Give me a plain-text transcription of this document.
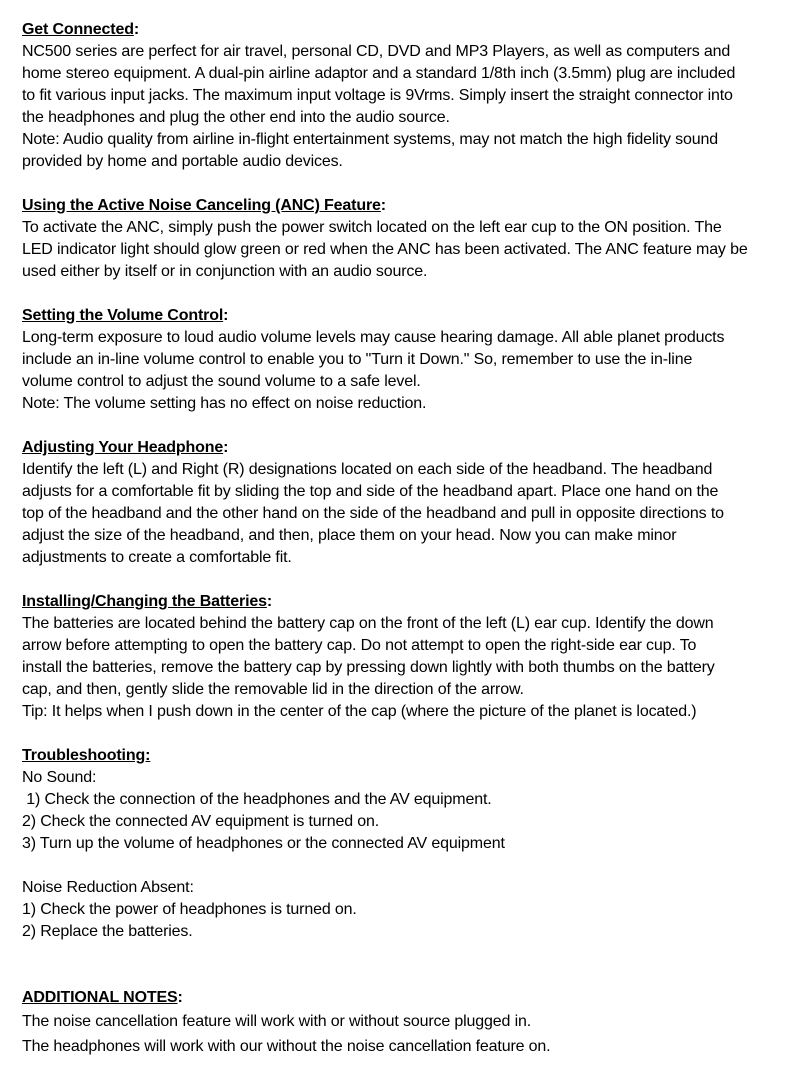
Get Connected:
NC500 series are perfect for air travel, personal CD, DVD and MP3 Players, as well as computers and
home stereo equipment. A dual-pin airline adaptor and a standard 1/8th inch (3.5mm) plug are included
to fit various input jacks. The maximum input voltage is 9Vrms. Simply insert the straight connector into
the headphones and plug the other end into the audio source.
Note: Audio quality from airline in-flight entertainment systems, may not match the high fidelity sound
provided by home and portable audio devices.
Using the Active Noise Canceling (ANC) Feature:
To activate the ANC, simply push the power switch located on the left ear cup to the ON position. The
LED indicator light should glow green or red when the ANC has been activated. The ANC feature may be
used either by itself or in conjunction with an audio source.
Setting the Volume Control:
Long-term exposure to loud audio volume levels may cause hearing damage. All able planet products
include an in-line volume control to enable you to "Turn it Down." So, remember to use the in-line
volume control to adjust the sound volume to a safe level.
Note: The volume setting has no effect on noise reduction.
Adjusting Your Headphone:
Identify the left (L) and Right (R) designations located on each side of the headband. The headband
adjusts for a comfortable fit by sliding the top and side of the headband apart. Place one hand on the
top of the headband and the other hand on the side of the headband and pull in opposite directions to
adjust the size of the headband, and then, place them on your head. Now you can make minor
adjustments to create a comfortable fit.
Installing/Changing the Batteries:
The batteries are located behind the battery cap on the front of the left (L) ear cup. Identify the down
arrow before attempting to open the battery cap. Do not attempt to open the right-side ear cup. To
install the batteries, remove the battery cap by pressing down lightly with both thumbs on the battery
cap, and then, gently slide the removable lid in the direction of the arrow.
Tip: It helps when I push down in the center of the cap (where the picture of the planet is located.)
Troubleshooting:
No Sound:
1) Check the connection of the headphones and the AV equipment.
2) Check the connected AV equipment is turned on.
3) Turn up the volume of headphones or the connected AV equipment
Noise Reduction Absent:
1) Check the power of headphones is turned on.
2) Replace the batteries.
ADDITIONAL NOTES:
The noise cancellation feature will work with or without source plugged in.
The headphones will work with our without the noise cancellation feature on.
